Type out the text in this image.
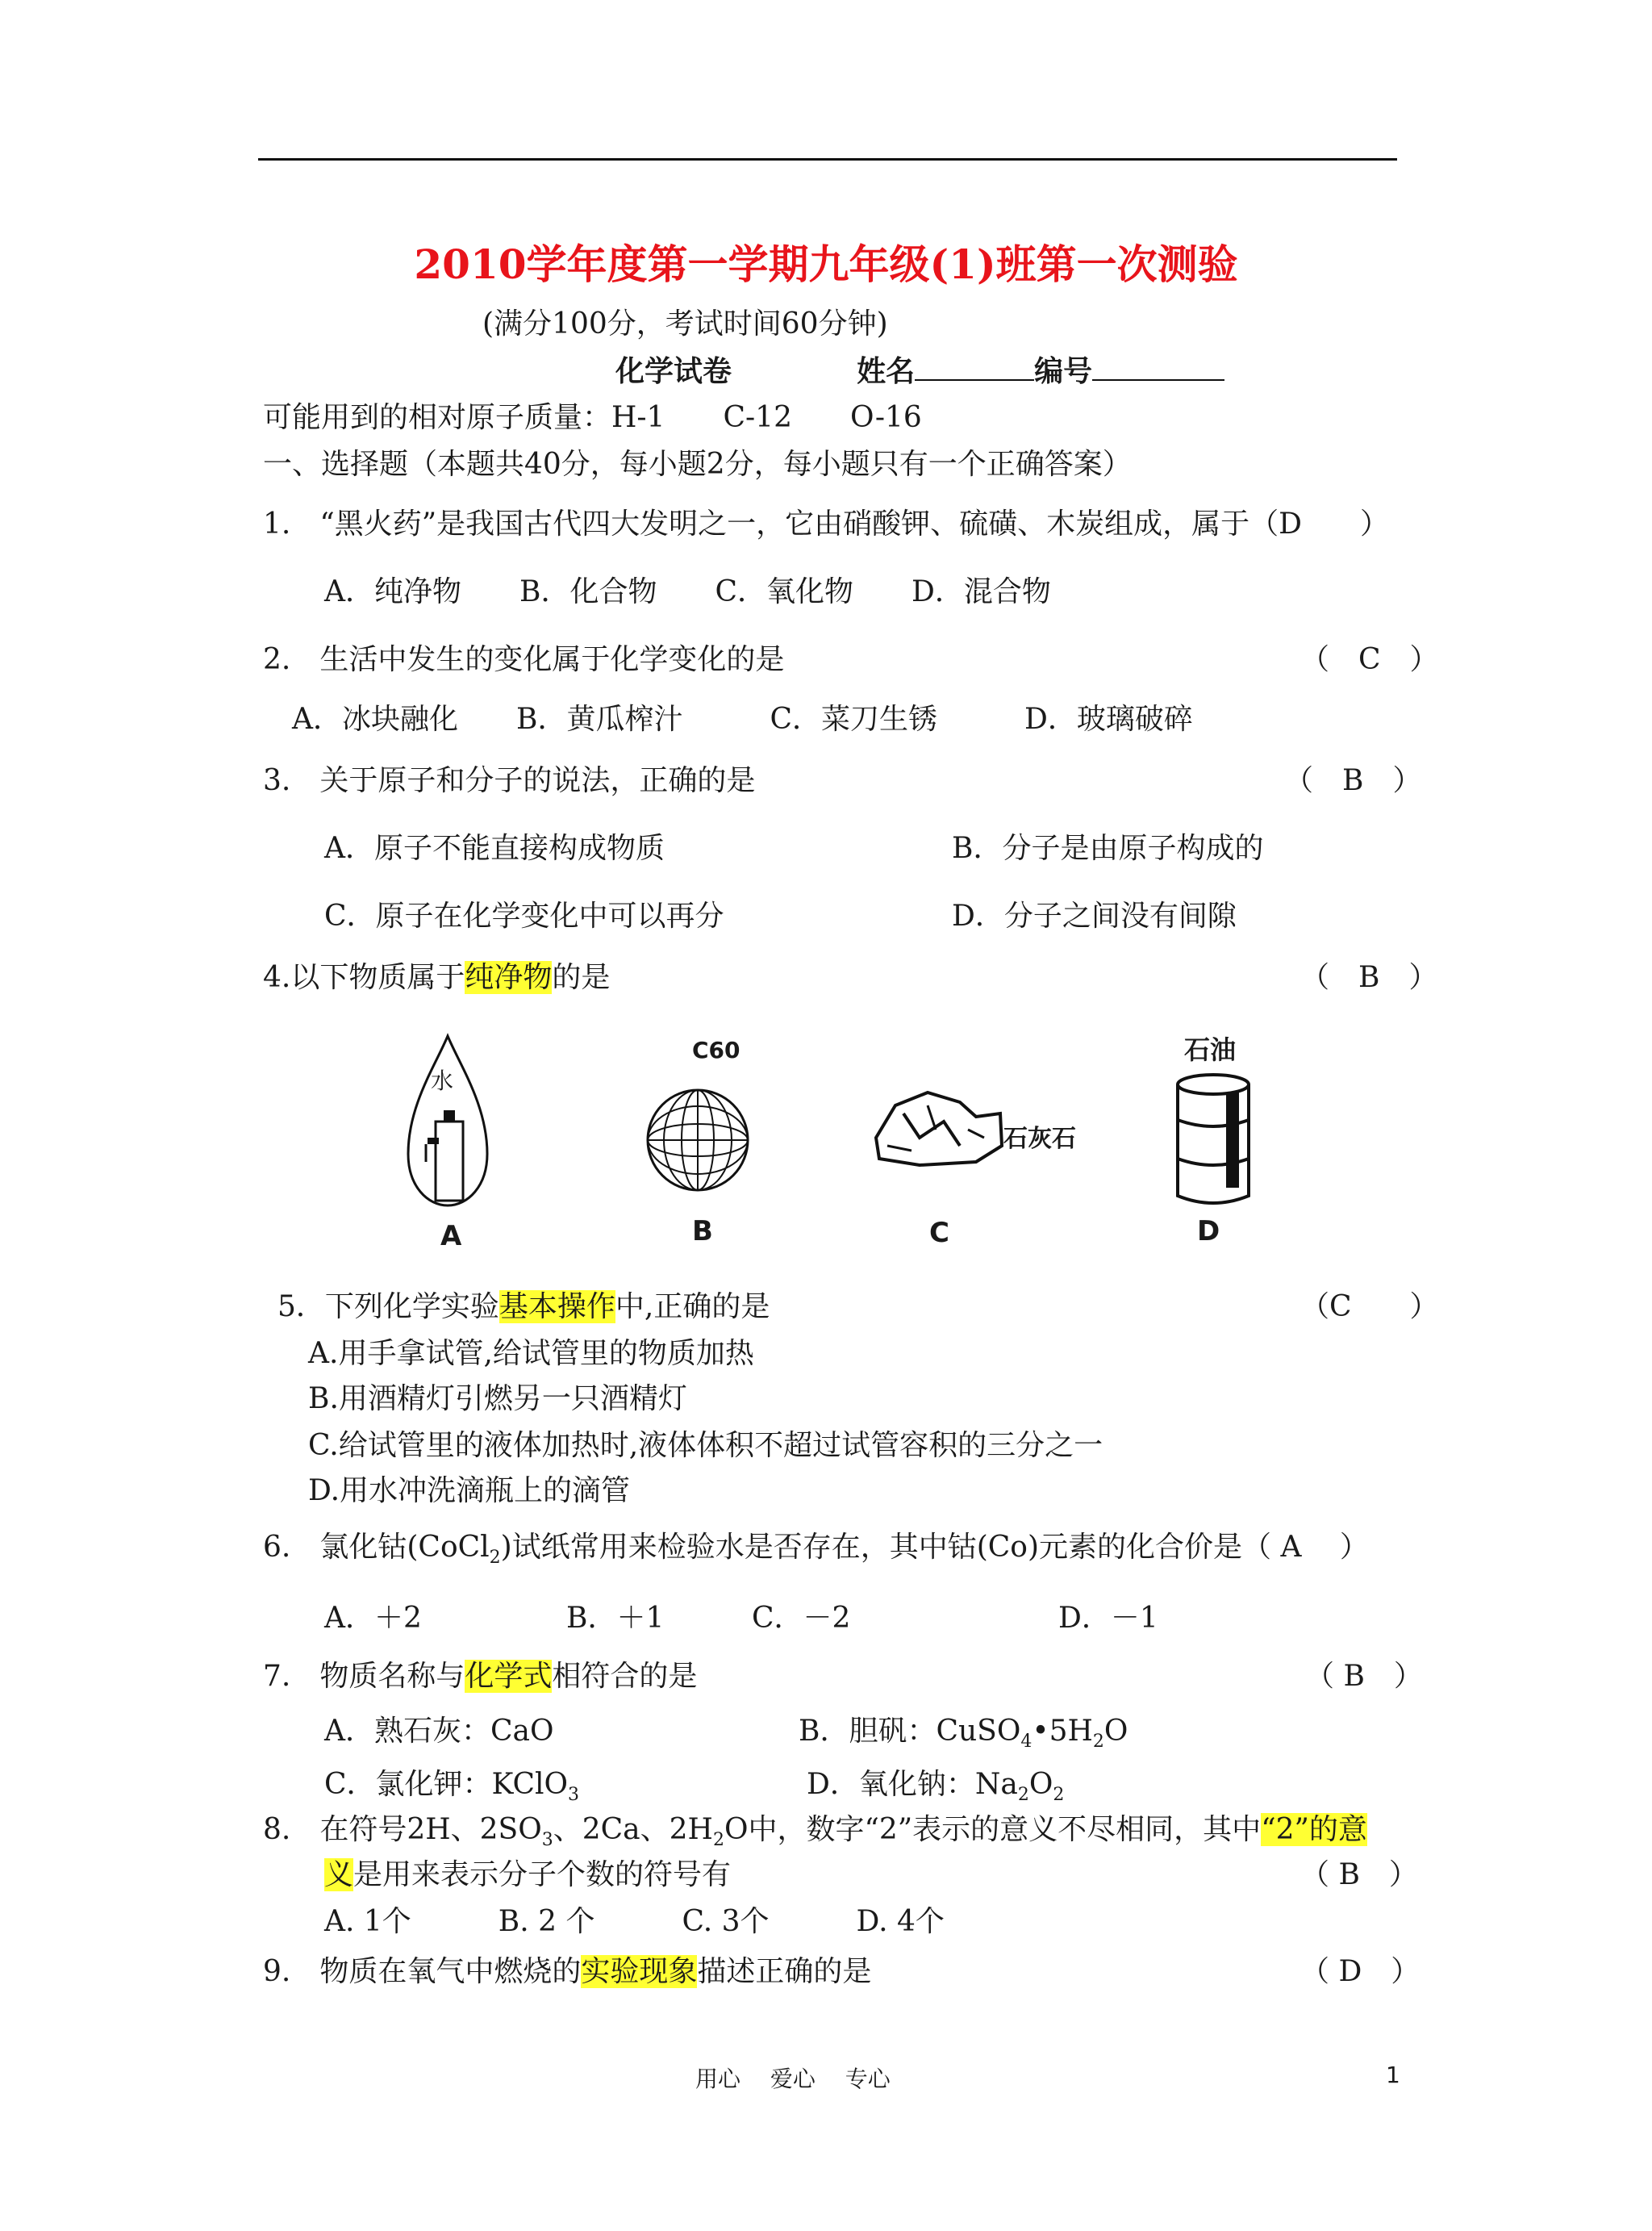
2010学年度第一学期九年级(1)班第一次测验
(满分100分，考试时间60分钟)
化学试卷	姓名	编号
可能用到的相对原子质量：H-1　　C-12　　O-16
一、选择题（本题共40分，每小题2分，每小题只有一个正确答案）
1.　“黑火药”是我国古代四大发明之一，它由硝酸钾、硫磺、木炭组成，属于（D　　）
A．纯净物　　B．化合物　　C．氧化物　　D．混合物
2.　生活中发生的变化属于化学变化的是	（　C　）
A．冰块融化　　B．黄瓜榨汁　　　C．菜刀生锈　　　D．玻璃破碎
3.　关于原子和分子的说法，正确的是	（　B　）
A．原子不能直接构成物质	B．分子是由原子构成的
C．原子在化学变化中可以再分	D．分子之间没有间隙
4.以下物质属于纯净物的是	（　B　）
水
C60
石灰石
石油
A	B	C	D
5．下列化学实验基本操作中,正确的是	（C　　）
A.用手拿试管,给试管里的物质加热
B.用酒精灯引燃另一只酒精灯
C.给试管里的液体加热时,液体体积不超过试管容积的三分之一
D.用水冲洗滴瓶上的滴管
6.　氯化钴(CoCl$_2$)试纸常用来检验水是否存在，其中钴(Co)元素的化合价是（ A　 ）
A．＋2	B．＋1	C．－2	D．－1
7.　物质名称与化学式相符合的是	（ B　）
A．熟石灰：CaO	B．胆矾：$CuSO_4•5H_2O$
C．氯化钾：KClO$_3$	D．氧化钠：$Na_2O_2$
8.　在符号2H、$2SO_3$、2Ca、$2H_2O$中，数字“2”表示的意义不尽相同，其中“2”的意
义是用来表示分子个数的符号有	（ B　）
A. 1个　　　B. 2 个　　　C. 3个　　　D. 4个
9.　物质在氧气中燃烧的实验现象描述正确的是	（ D　）
用心　 爱心　 专心	1
